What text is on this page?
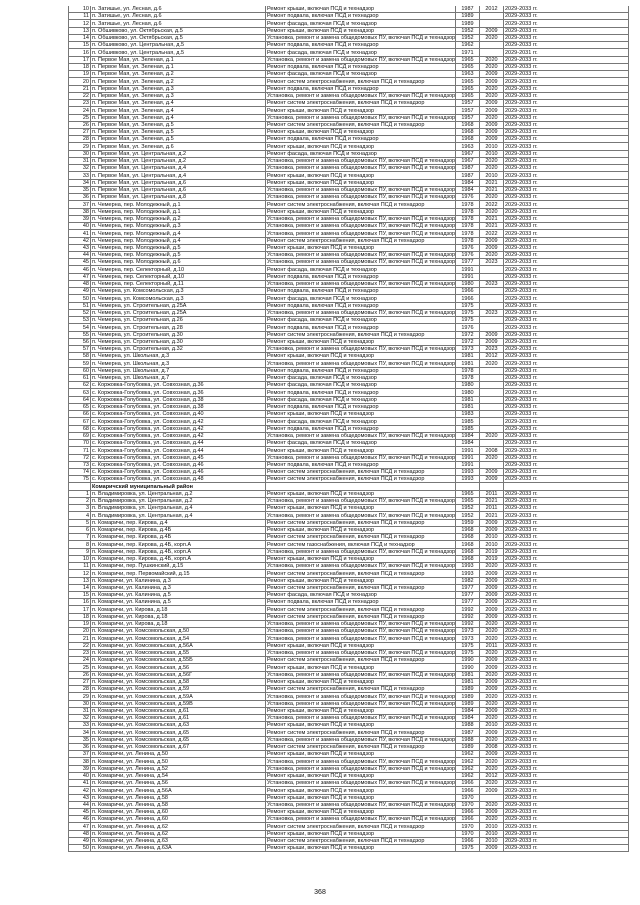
10	п. Затишье, ул. Лесная, д.6	Ремонт крыши, включая ПСД и технадзор	1987	2012	2029-2033 гг.
11	п. Затишье, ул. Лесная, д.6	Ремонт подвала, включая ПСД и технадзор	1989		2029-2033 гг.
12	п. Затишье, ул. Лесная, д.6	Ремонт фасада, включая ПСД и технадзор	1989		2029-2033 гг.
13	п. Обшивково, ул. Октябрьская, д.5	Ремонт крыши, включая ПСД и технадзор	1952	2009	2029-2033 гг.
14	п. Обшивково, ул. Октябрьская, д.5	Установка, ремонт и замена общедомовых ПУ, включая ПСД и технадзор	1952	2020	2029-2033 гг.
15	п. Обшивково, ул. Центральная, д.5	Ремонт подвала, включая ПСД и технадзор	1962		2029-2033 гг.
16	п. Обшивково, ул. Центральная, д.5	Ремонт фасада, включая ПСД и технадзор	1971		2029-2031 гг.
17	п. Первое Мая, ул. Зеленая, д.1	Установка, ремонт и замена общедомовых ПУ, включая ПСД и технадзор	1965	2020	2029-2033 гг.
18	п. Первое Мая, ул. Зеленая, д.1	Ремонт подвала, включая ПСД и технадзор	1965	2020	2029-2033 гг.
19	п. Первое Мая, ул. Зеленая, д.2	Ремонт фасада, включая ПСД и технадзор	1963	2009	2029-2033 гг.
20	п. Первое Мая, ул. Зеленая, д.2	Ремонт систем электроснабжения, включая ПСД и технадзор	1965	2009	2029-2033 гг.
21	п. Первое Мая, ул. Зеленая, д.3	Ремонт подвала, включая ПСД и технадзор	1965	2020	2029-2033 гг.
22	п. Первое Мая, ул. Зеленая, д.3	Установка, ремонт и замена общедомовых ПУ, включая ПСД и технадзор	1965	2020	2029-2033 гг.
23	п. Первое Мая, ул. Зеленая, д.4	Ремонт систем электроснабжения, включая ПСД и технадзор	1957	2009	2029-2033 гг.
24	п. Первое Мая, ул. Зеленая, д.4	Ремонт крыши, включая ПСД и технадзор	1957	2009	2029-2033 гг.
25	п. Первое Мая, ул. Зеленая, д.4	Установка, ремонт и замена общедомовых ПУ, включая ПСД и технадзор	1957	2020	2029-2033 гг.
26	п. Первое Мая, ул. Зеленая, д.5	Ремонт систем электроснабжения, включая ПСД и технадзор	1968	2009	2029-2033 гг.
27	п. Первое Мая, ул. Зеленая, д.5	Ремонт крыши, включая ПСД и технадзор	1968	2009	2029-2033 гг.
28	п. Первое Мая, ул. Зеленая, д.5	Ремонт подвала, включая ПСД и технадзор	1968	2009	2029-2033 гг.
29	п. Первое Мая, ул. Зеленая, д.6	Ремонт крыши, включая ПСД и технадзор	1963	2010	2029-2033 гг.
30	п. Первое Мая, ул. Центральная, д.2	Ремонт фасада, включая ПСД и технадзор	1967	2010	2029-2033 гг.
31	п. Первое Мая, ул. Центральная, д.2	Установка, ремонт и замена общедомовых ПУ, включая ПСД и технадзор	1967	2020	2029-2033 гг.
32	п. Первое Мая, ул. Центральная, д.4	Установка, ремонт и замена общедомовых ПУ, включая ПСД и технадзор	1987	2020	2029-2033 гг.
33	п. Первое Мая, ул. Центральная, д.4	Ремонт крыши, включая ПСД и технадзор	1987	2010	2029-2033 гг.
34	п. Первое Мая, ул. Центральная, д.6	Ремонт крыши, включая ПСД и технадзор	1984	2021	2029-2033 гг.
35	п. Первое Мая, ул. Центральная, д.6	Установка, ремонт и замена общедомовых ПУ, включая ПСД и технадзор	1984	2021	2029-2033 гг.
36	п. Первое Мая, ул. Центральная, д.8	Установка, ремонт и замена общедомовых ПУ, включая ПСД и технадзор	1976	2020	2029-2033 гг.
37	п. Чемерна, пер. Молодежный, д.1	Ремонт систем электроснабжения, включая ПСД и технадзор	1978	2022	2029-2033 гг.
38	п. Чемерна, пер. Молодежный, д.1	Ремонт крыши, включая ПСД и технадзор	1978	2020	2029-2033 гг.
39	п. Чемерна, пер. Молодежный, д.2	Установка, ремонт и замена общедомовых ПУ, включая ПСД и технадзор	1978	2021	2029-2033 гг.
40	п. Чемерна, пер. Молодежный, д.3	Установка, ремонт и замена общедомовых ПУ, включая ПСД и технадзор	1978	2021	2029-2033 гг.
41	п. Чемерна, пер. Молодежный, д.4	Установка, ремонт и замена общедомовых ПУ, включая ПСД и технадзор	1978	2022	2029-2033 гг.
42	п. Чемерна, пер. Молодежный, д.4	Ремонт систем электроснабжения, включая ПСД и технадзор	1978	2009	2029-2033 гг.
43	п. Чемерна, пер. Молодежный, д.5	Ремонт крыши, включая ПСД и технадзор	1976	2009	2029-2033 гг.
44	п. Чемерна, пер. Молодежный, д.5	Установка, ремонт и замена общедомовых ПУ, включая ПСД и технадзор	1976	2020	2029-2033 гг.
45	п. Чемерна, пер. Молодежный, д.6	Установка, ремонт и замена общедомовых ПУ, включая ПСД и технадзор	1977	2023	2029-2033 гг.
46	п. Чемерна, пер. Селекторный, д.10	Ремонт фасада, включая ПСД и технадзор	1991		2029-2033 гг.
47	п. Чемерна, пер. Селекторный, д.10	Ремонт подвала, включая ПСД и технадзор	1991		2029-2033 гг.
48	п. Чемерна, пер. Селекторный, д.11	Установка, ремонт и замена общедомовых ПУ, включая ПСД и технадзор	1980	2023	2029-2033 гг.
49	п. Чемерна, ул. Комсомольская, д.3	Ремонт подвала, включая ПСД и технадзор	1966		2029-2033 гг.
50	п. Чемерна, ул. Комсомольская, д.3	Ремонт фасада, включая ПСД и технадзор	1966		2029-2033 гг.
51	п. Чемерна, ул. Строительная, д.25А	Ремонт подвала, включая ПСД и технадзор	1975		2029-2033 гг.
52	п. Чемерна, ул. Строительная, д.25А	Установка, ремонт и замена общедомовых ПУ, включая ПСД и технадзор	1975	2023	2029-2033 гг.
53	п. Чемерна, ул. Строительная, д.26	Ремонт фасада, включая ПСД и технадзор	1975		2029-2033 гг.
54	п. Чемерна, ул. Строительная, д.28	Ремонт подвала, включая ПСД и технадзор	1976		2029-2033 гг.
55	п. Чемерна, ул. Строительная, д.30	Ремонт систем электроснабжения, включая ПСД и технадзор	1972	2009	2029-2033 гг.
56	п. Чемерна, ул. Строительная, д.30	Ремонт крыши, включая ПСД и технадзор	1972	2009	2029-2033 гг.
57	п. Чемерна, ул. Строительная, д.32	Установка, ремонт и замена общедомовых ПУ, включая ПСД и технадзор	1973	2023	2029-2033 гг.
58	п. Чемерна, ул. Школьная, д.3	Ремонт крыши, включая ПСД и технадзор	1981	2012	2029-2033 гг.
59	п. Чемерна, ул. Школьная, д.3	Установка, ремонт и замена общедомовых ПУ, включая ПСД и технадзор	1981	2020	2029-2033 гг.
60	п. Чемерна, ул. Школьная, д.7	Ремонт подвала, включая ПСД и технадзор	1978		2029-2033 гг.
61	п. Чемерна, ул. Школьная, д.7	Ремонт фасада, включая ПСД и технадзор	1978		2029-2033 гг.
62	с. Коржовка-Голубовка, ул. Совхозная, д.36	Ремонт фасада, включая ПСД и технадзор	1980		2029-2033 гг.
63	с. Коржовка-Голубовка, ул. Совхозная, д.36	Ремонт подвала, включая ПСД и технадзор	1980		2029-2033 гг.
64	с. Коржовка-Голубовка, ул. Совхозная, д.38	Ремонт фасада, включая ПСД и технадзор	1981		2029-2033 гг.
65	с. Коржовка-Голубовка, ул. Совхозная, д.38	Ремонт подвала, включая ПСД и технадзор	1981		2029-2033 гг.
66	с. Коржовка-Голубовка, ул. Совхозная, д.40	Ремонт крыши, включая ПСД и технадзор	1983		2029-2033 гг.
67	с. Коржовка-Голубовка, ул. Совхозная, д.42	Ремонт фасада, включая ПСД и технадзор	1985		2029-2033 гг.
68	с. Коржовка-Голубовка, ул. Совхозная, д.42	Ремонт подвала, включая ПСД и технадзор	1985		2029-2033 гг.
69	с. Коржовка-Голубовка, ул. Совхозная, д.42	Установка, ремонт и замена общедомовых ПУ, включая ПСД и технадзор	1984	2020	2029-2033 гг.
70	с. Коржовка-Голубовка, ул. Совхозная, д.44	Ремонт фасада, включая ПСД и технадзор	1984		2029-2033 гг.
71	с. Коржовка-Голубовка, ул. Совхозная, д.44	Ремонт крыши, включая ПСД и технадзор	1991	2008	2029-2033 гг.
72	с. Коржовка-Голубовка, ул. Совхозная, д.45	Установка, ремонт и замена общедомовых ПУ, включая ПСД и технадзор	1991	2020	2029-2033 гг.
73	с. Коржовка-Голубовка, ул. Совхозная, д.46	Ремонт подвала, включая ПСД и технадзор	1991		2029-2033 гг.
74	с. Коржовка-Голубовка, ул. Совхозная, д.46	Ремонт систем электроснабжения, включая ПСД и технадзор	1993	2009	2029-2033 гг.
75	с. Коржовка-Голубовка, ул. Совхозная, д.48	Ремонт систем электроснабжения, включая ПСД и технадзор	1993	2009	2029-2033 гг.
	Комаричский муниципальный район				
1	п. Владимировка, ул. Центральная, д.2	Ремонт крыши, включая ПСД и технадзор	1965	2011	2029-2033 гг.
2	п. Владимировка, ул. Центральная, д.2	Установка, ремонт и замена общедомовых ПУ, включая ПСД и технадзор	1965	2021	2029-2033 гг.
3	п. Владимировка, ул. Центральная, д.4	Ремонт крыши, включая ПСД и технадзор	1952	2011	2029-2033 гг.
4	п. Владимировка, ул. Центральная, д.4	Установка, ремонт и замена общедомовых ПУ, включая ПСД и технадзор	1952	2021	2029-2033 гг.
5	п. Комаричи, пер. Кирова, д.4	Ремонт систем электроснабжения, включая ПСД и технадзор	1959	2009	2029-2033 гг.
6	п. Комаричи, пер. Кирова, д.4Б	Ремонт крыши, включая ПСД и технадзор	1968	2009	2029-2033 гг.
7	п. Комаричи, пер. Кирова, д.4Б	Ремонт систем электроснабжения, включая ПСД и технадзор	1968	2010	2029-2033 гг.
8	п. Комаричи, пер. Кирова, д.4Б, корп.А	Ремонт систем газоснабжения, включая ПСД и технадзор	1968	2010	2029-2033 гг.
9	п. Комаричи, пер. Кирова, д.4Б, корп.А	Установка, ремонт и замена общедомовых ПУ, включая ПСД и технадзор	1968	2019	2029-2033 гг.
10	п. Комаричи, пер. Кирова, д.4Б, корп.А	Ремонт крыши, включая ПСД и технадзор	1968	2019	2029-2033 гг.
11	п. Комаричи, пер. Пушкинский, д.15	Установка, ремонт и замена общедомовых ПУ, включая ПСД и технадзор	1993	2020	2029-2033 гг.
12	п. Комаричи, пер. Первомайский, д.15	Ремонт систем электроснабжения, включая ПСД и технадзор	1993	2009	2029-2033 гг.
13	п. Комаричи, ул. Калинина, д.3	Ремонт крыши, включая ПСД и технадзор	1982	2009	2029-2033 гг.
14	п. Комаричи, ул. Калинина, д.3	Ремонт систем электроснабжения, включая ПСД и технадзор	1977	2009	2029-2033 гг.
15	п. Комаричи, ул. Калинина, д.5	Ремонт фасада, включая ПСД и технадзор	1977	2009	2029-2033 гг.
16	п. Комаричи, ул. Калинина, д.5	Ремонт подвала, включая ПСД и технадзор	1977	2009	2029-2033 гг.
17	п. Комаричи, ул. Кирова, д.18	Ремонт систем электроснабжения, включая ПСД и технадзор	1992	2009	2029-2033 гг.
18	п. Комаричи, ул. Кирова, д.18	Ремонт систем электроснабжения, включая ПСД и технадзор	1992	2009	2029-2033 гг.
19	п. Комаричи, ул. Кирова, д.18	Установка, ремонт и замена общедомовых ПУ, включая ПСД и технадзор	1992	2020	2029-2033 гг.
20	п. Комаричи, ул. Комсомольская, д.50	Установка, ремонт и замена общедомовых ПУ, включая ПСД и технадзор	1973	2020	2029-2033 гг.
21	п. Комаричи, ул. Комсомольская, д.54	Установка, ремонт и замена общедомовых ПУ, включая ПСД и технадзор	1973	2020	2029-2033 гг.
22	п. Комаричи, ул. Комсомольская, д.56А	Ремонт крыши, включая ПСД и технадзор	1975	2011	2029-2033 гг.
23	п. Комаричи, ул. Комсомольская, д.55	Установка, ремонт и замена общедомовых ПУ, включая ПСД и технадзор	1975	2020	2029-2033 гг.
24	п. Комаричи, ул. Комсомольская, д.55Б	Ремонт систем электроснабжения, включая ПСД и технадзор	1990	2009	2029-2033 гг.
25	п. Комаричи, ул. Комсомольская, д.56	Ремонт крыши, включая ПСД и технадзор	1990	2009	2029-2033 гг.
26	п. Комаричи, ул. Комсомольская, д.56Г	Установка, ремонт и замена общедомовых ПУ, включая ПСД и технадзор	1981	2020	2029-2033 гг.
27	п. Комаричи, ул. Комсомольская, д.58	Ремонт крыши, включая ПСД и технадзор	1981	2009	2029-2033 гг.
28	п. Комаричи, ул. Комсомольская, д.59	Ремонт систем электроснабжения, включая ПСД и технадзор	1989	2009	2029-2033 гг.
29	п. Комаричи, ул. Комсомольская, д.59А	Установка, ремонт и замена общедомовых ПУ, включая ПСД и технадзор	1989	2020	2029-2033 гг.
30	п. Комаричи, ул. Комсомольская, д.59В	Установка, ремонт и замена общедомовых ПУ, включая ПСД и технадзор	1989	2020	2029-2033 гг.
31	п. Комаричи, ул. Комсомольская, д.61	Ремонт крыши, включая ПСД и технадзор	1984	2009	2029-2033 гг.
32	п. Комаричи, ул. Комсомольская, д.61	Установка, ремонт и замена общедомовых ПУ, включая ПСД и технадзор	1984	2020	2029-2033 гг.
33	п. Комаричи, ул. Комсомольская, д.63	Ремонт крыши, включая ПСД и технадзор	1988	2010	2029-2033 гг.
34	п. Комаричи, ул. Комсомольская, д.65	Ремонт систем электроснабжения, включая ПСД и технадзор	1987	2009	2029-2033 гг.
35	п. Комаричи, ул. Комсомольская, д.65	Установка, ремонт и замена общедомовых ПУ, включая ПСД и технадзор	1988	2020	2029-2033 гг.
36	п. Комаричи, ул. Комсомольская, д.67	Ремонт систем электроснабжения, включая ПСД и технадзор	1989	2008	2029-2033 гг.
37	п. Комаричи, ул. Ленина, д.50	Ремонт крыши, включая ПСД и технадзор	1962	2009	2029-2033 гг.
38	п. Комаричи, ул. Ленина, д.50	Установка, ремонт и замена общедомовых ПУ, включая ПСД и технадзор	1962	2020	2029-2033 гг.
39	п. Комаричи, ул. Ленина, д.52	Установка, ремонт и замена общедомовых ПУ, включая ПСД и технадзор	1962	2020	2029-2033 гг.
40	п. Комаричи, ул. Ленина, д.54	Ремонт крыши, включая ПСД и технадзор	1962	2012	2029-2033 гг.
41	п. Комаричи, ул. Ленина, д.56	Установка, ремонт и замена общедомовых ПУ, включая ПСД и технадзор	1966	2020	2029-2033 гг.
42	п. Комаричи, ул. Ленина, д.56А	Ремонт крыши, включая ПСД и технадзор	1966	2009	2029-2033 гг.
43	п. Комаричи, ул. Ленина, д.58	Ремонт крыши, включая ПСД и технадзор	1970		2029-2033 гг.
44	п. Комаричи, ул. Ленина, д.58	Установка, ремонт и замена общедомовых ПУ, включая ПСД и технадзор	1970	2020	2029-2033 гг.
45	п. Комаричи, ул. Ленина, д.60	Ремонт крыши, включая ПСД и технадзор	1966	2009	2029-2033 гг.
46	п. Комаричи, ул. Ленина, д.60	Установка, ремонт и замена общедомовых ПУ, включая ПСД и технадзор	1966	2020	2029-2033 гг.
47	п. Комаричи, ул. Ленина, д.62	Ремонт систем электроснабжения, включая ПСД и технадзор	1970	2010	2029-2033 гг.
48	п. Комаричи, ул. Ленина, д.62	Ремонт крыши, включая ПСД и технадзор	1970	2010	2029-2033 гг.
49	п. Комаричи, ул. Ленина, д.63	Ремонт систем электроснабжения, включая ПСД и технадзор	1966	2010	2029-2033 гг.
50	п. Комаричи, ул. Ленина, д.63А	Ремонт крыши, включая ПСД и технадзор	1975	2009	2029-2033 гг.
368
